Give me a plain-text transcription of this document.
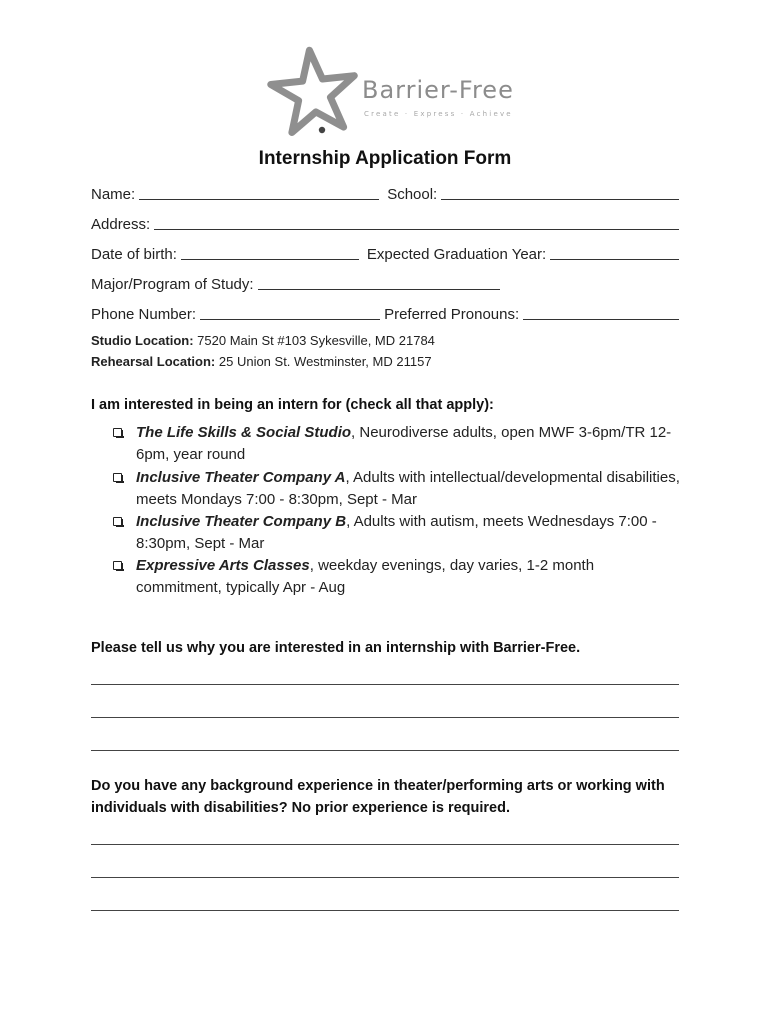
Barrier-Free
Create · Express · Achieve
Internship Application Form
Name:	School:
Address:
Date of birth:	Expected Graduation Year:
Major/Program of Study:
Phone Number:	Preferred Pronouns:
Studio Location: 7520 Main St #103 Sykesville, MD 21784
Rehearsal Location: 25 Union St. Westminster, MD 21157
I am interested in being an intern for (check all that apply):
The Life Skills & Social Studio, Neurodiverse adults, open MWF 3-6pm/TR 12-6pm, year round
Inclusive Theater Company A, Adults with intellectual/developmental disabilities, meets Mondays 7:00 - 8:30pm, Sept - Mar
Inclusive Theater Company B, Adults with autism, meets Wednesdays 7:00 - 8:30pm, Sept - Mar
Expressive Arts Classes, weekday evenings, day varies, 1-2 month commitment, typically Apr - Aug
Please tell us why you are interested in an internship with Barrier-Free.
Do you have any background experience in theater/performing arts or working with individuals with disabilities? No prior experience is required.
